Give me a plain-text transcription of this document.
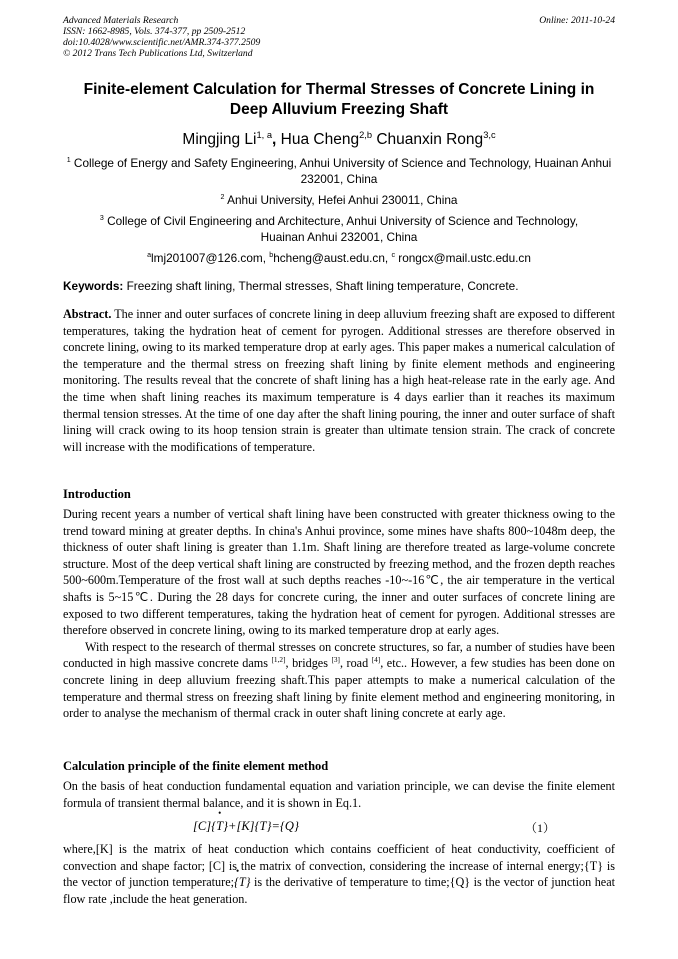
Advanced Materials Research
ISSN: 1662-8985, Vols. 374-377, pp 2509-2512
doi:10.4028/www.scientific.net/AMR.374-377.2509
© 2012 Trans Tech Publications Ltd, Switzerland
Online: 2011-10-24
Finite-element Calculation for Thermal Stresses of Concrete Lining in
Deep Alluvium Freezing Shaft
Mingjing Li$^{1, a}$, Hua Cheng$^{2,b}$ Chuanxin Rong$^{3,c}$
$^1$ College of Energy and Safety Engineering, Anhui University of Science and Technology, Huainan Anhui 232001, China
$^2$ Anhui University, Hefei Anhui 230011, China
$^3$ College of Civil Engineering and Architecture, Anhui University of Science and Technology, Huainan Anhui 232001, China
$^a$lmj201007@126.com, $^b$hcheng@aust.edu.cn, $^c$ rongcx@mail.ustc.edu.cn
Keywords: Freezing shaft lining, Thermal stresses, Shaft lining temperature, Concrete.
Abstract. The inner and outer surfaces of concrete lining in deep alluvium freezing shaft are exposed to different temperatures, taking the hydration heat of cement for pyrogen. Additional stresses are therefore observed in concrete lining, owing to its marked temperature drop at early ages. This paper makes a numerical calculation of the temperature and the thermal stress on freezing shaft lining by finite element methods and engineering monitoring. The results reveal that the concrete of shaft lining has a high heat-release rate in the early age. And the time when shaft lining reaches its maximum temperature is 4 days earlier than it reaches its maximum thermal tension stresses. At the time of one day after the shaft lining pouring, the inner and outer surface of shaft lining will crack owing to its hoop tension strain is greater than ultimate tension strain. The crack of concrete will increase with the modifications of temperature.
Introduction
During recent years a number of vertical shaft lining have been constructed with greater thickness owing to the trend toward mining at greater depths. In china's Anhui province, some mines have shafts 800~1048m deep, the thickness of outer shaft lining is greater than 1.1m. Shaft lining are therefore treated as large-volume concrete structure. Most of the deep vertical shaft lining are constructed by freezing method, and the frozen depth reaches 500~600m.Temperature of the frost wall at such depths reaches -10~-16℃, the air temperature in the vertical shafts is 5~15℃. During the 28 days for concrete curing, the inner and outer surfaces of concrete lining are exposed to two different temperatures, taking the hydration heat of cement for pyrogen. Additional stresses are therefore observed in concrete lining, owing to its marked temperature drop at early ages.
With respect to the research of thermal stresses on concrete structures, so far, a number of studies have been conducted in high massive concrete dams [1,2], bridges [3], road [4], etc.. However, a few studies has been done on concrete lining in deep alluvium freezing shaft.This paper attempts to make a numerical calculation of the temperature and thermal stress on freezing shaft lining by finite element method and engineering monitoring, in order to analyse the mechanism of thermal crack in outer shaft lining concrete at early age.
Calculation principle of the finite element method
On the basis of heat conduction fundamental equation and variation principle, we can devise the finite element formula of transient thermal balance, and it is shown in Eq.1.
[C]{• T}+[K]{T}={Q}	（1）
where,[K] is the matrix of heat conduction which contains coefficient of heat conductivity, coefficient of convection and shape factor; [C] is the matrix of convection, considering the increase of internal energy;{T} is the vector of junction temperature;• {T} is the derivative of temperature to time;{Q} is the vector of junction heat flow rate ,include the heat generation.
